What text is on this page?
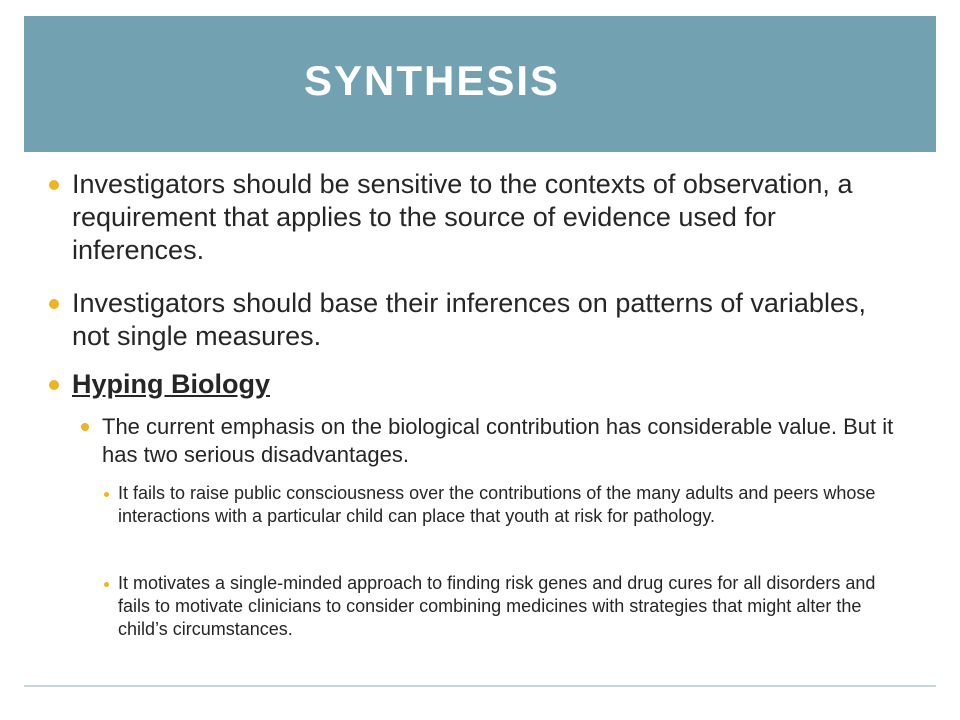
SYNTHESIS

Investigators should be sensitive to the contexts of observation, a requirement that applies to the source of evidence used for inferences.

Investigators should base their inferences on patterns of variables, not single measures.

Hyping Biology

The current emphasis on the biological contribution has considerable value. But it has two serious disadvantages.

It fails to raise public consciousness over the contributions of the many adults and peers whose interactions with a particular child can place that youth at risk for pathology.

It motivates a single-minded approach to finding risk genes and drug cures for all disorders and fails to motivate clinicians to consider combining medicines with strategies that might alter the child’s circumstances.
